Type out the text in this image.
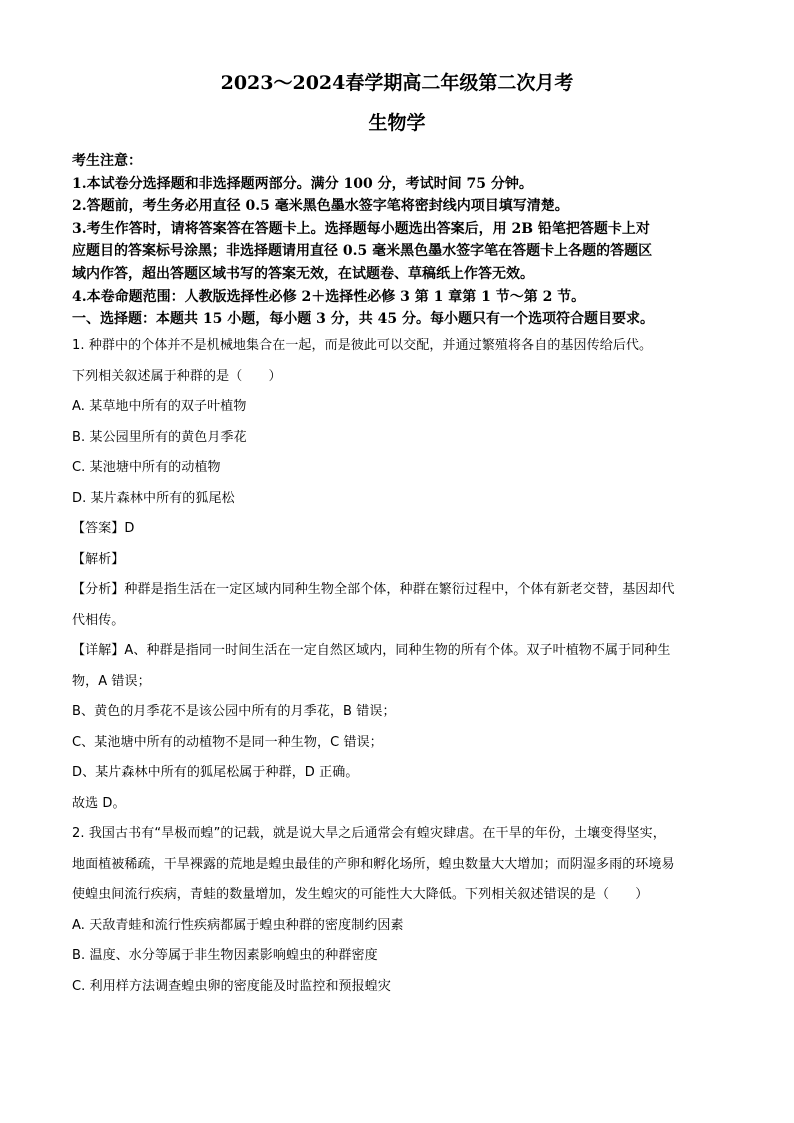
2023～2024春学期高二年级第二次月考
生物学
考生注意：
1.本试卷分选择题和非选择题两部分。满分 100 分，考试时间 75 分钟。
2.答题前，考生务必用直径 0.5 毫米黑色墨水签字笔将密封线内项目填写清楚。
3.考生作答时，请将答案答在答题卡上。选择题每小题选出答案后，用 2B 铅笔把答题卡上对
应题目的答案标号涂黑；非选择题请用直径 0.5 毫米黑色墨水签字笔在答题卡上各题的答题区
域内作答，超出答题区域书写的答案无效，在试题卷、草稿纸上作答无效。
4.本卷命题范围：人教版选择性必修 2＋选择性必修 3 第 1 章第 1 节～第 2 节。
一、选择题：本题共 15 小题，每小题 3 分，共 45 分。每小题只有一个选项符合题目要求。
1. 种群中的个体并不是机械地集合在一起，而是彼此可以交配，并通过繁殖将各自的基因传给后代。
下列相关叙述属于种群的是（　　）
A. 某草地中所有的双子叶植物
B. 某公园里所有的黄色月季花
C. 某池塘中所有的动植物
D. 某片森林中所有的狐尾松
【答案】D
【解析】
【分析】种群是指生活在一定区域内同种生物全部个体，种群在繁衍过程中，个体有新老交替，基因却代
代相传。
【详解】A、种群是指同一时间生活在一定自然区域内，同种生物的所有个体。双子叶植物不属于同种生
物，A 错误；
B、黄色的月季花不是该公园中所有的月季花，B 错误；
C、某池塘中所有的动植物不是同一种生物，C 错误；
D、某片森林中所有的狐尾松属于种群，D 正确。
故选 D。
2. 我国古书有“旱极而蝗”的记载，就是说大旱之后通常会有蝗灾肆虐。在干旱的年份，土壤变得坚实，
地面植被稀疏，干旱裸露的荒地是蝗虫最佳的产卵和孵化场所，蝗虫数量大大增加；而阴湿多雨的环境易
使蝗虫间流行疾病，青蛙的数量增加，发生蝗灾的可能性大大降低。下列相关叙述错误的是（　　）
A. 天敌青蛙和流行性疾病都属于蝗虫种群的密度制约因素
B. 温度、水分等属于非生物因素影响蝗虫的种群密度
C. 利用样方法调查蝗虫卵的密度能及时监控和预报蝗灾
